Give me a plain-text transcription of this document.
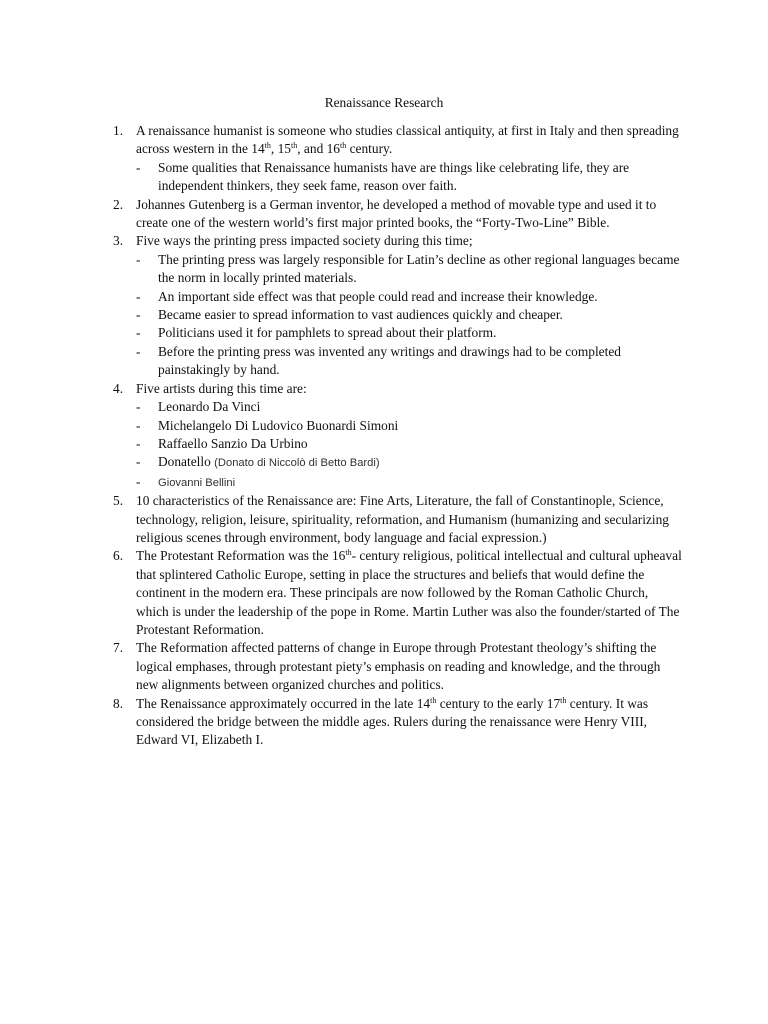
Renaissance Research
1. A renaissance humanist is someone who studies classical antiquity, at first in Italy and then spreading across western in the 14th, 15th, and 16th century.
- Some qualities that Renaissance humanists have are things like celebrating life, they are independent thinkers, they seek fame, reason over faith.
2. Johannes Gutenberg is a German inventor, he developed a method of movable type and used it to create one of the western world’s first major printed books, the “Forty-Two-Line” Bible.
3. Five ways the printing press impacted society during this time;
- The printing press was largely responsible for Latin’s decline as other regional languages became the norm in locally printed materials.
- An important side effect was that people could read and increase their knowledge.
- Became easier to spread information to vast audiences quickly and cheaper.
- Politicians used it for pamphlets to spread about their platform.
- Before the printing press was invented any writings and drawings had to be completed painstakingly by hand.
4. Five artists during this time are:
- Leonardo Da Vinci
- Michelangelo Di Ludovico Buonardi Simoni
- Raffaello Sanzio Da Urbino
- Donatello (Donato di Niccolò di Betto Bardi)
- Giovanni Bellini
5. 10 characteristics of the Renaissance are: Fine Arts, Literature, the fall of Constantinople, Science, technology, religion, leisure, spirituality, reformation, and Humanism (humanizing and secularizing religious scenes through environment, body language and facial expression.)
6. The Protestant Reformation was the 16th- century religious, political intellectual and cultural upheaval that splintered Catholic Europe, setting in place the structures and beliefs that would define the continent in the modern era. These principals are now followed by the Roman Catholic Church, which is under the leadership of the pope in Rome. Martin Luther was also the founder/started of The Protestant Reformation.
7. The Reformation affected patterns of change in Europe through Protestant theology’s shifting the logical emphases, through protestant piety’s emphasis on reading and knowledge, and the through new alignments between organized churches and politics.
8. The Renaissance approximately occurred in the late 14th century to the early 17th century. It was considered the bridge between the middle ages. Rulers during the renaissance were Henry VIII, Edward VI, Elizabeth I.
